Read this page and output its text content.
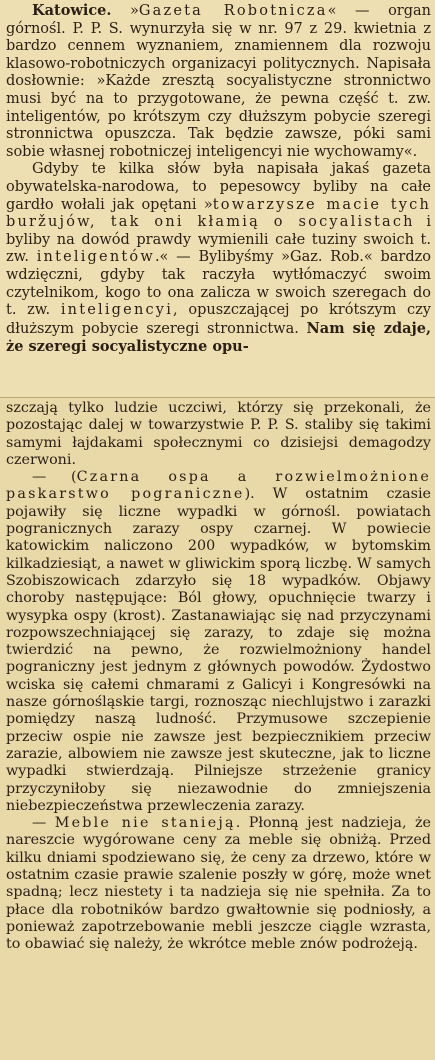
Katowice. »Gazeta Robotnicza« — organ górnośl. P. P. S. wynurzyła się w nr. 97 z 29. kwietnia z bardzo cennem wyznaniem, znamiennem dla rozwoju klasowo-robotniczych organizacyi politycznych. Napisała dosłownie: »Każde zresztą socyalistyczne stronnictwo musi być na to przygotowane, że pewna część t. zw. inteligentów, po krótszym czy dłuższym pobycie szeregi stronnictwa opuszcza. Tak będzie zawsze, póki sami sobie własnej robotniczej inteligencyi nie wychowamy«.

Gdyby te kilka słów była napisała jakaś gazeta obywatelska-narodowa, to pepesowcy byliby na całe gardło wołali jak opętani »towarzysze macie tych buržujów, tak oni kłamią o socyalistach i byliby na dowód prawdy wymienili całe tuziny swoich t. zw. inteligentów.« — Bylibyśmy »Gaz. Rob.« bardzo wdzięczni, gdyby tak raczyła wytłómaczyć swoim czytelnikom, kogo to ona zalicza w swoich szeregach do t. zw. inteligencyi, opuszczającej po krótszym czy dłuższym pobycie szeregi stronnictwa. Nam się zdaje, że szeregi socyalistyczne opu-

szczają tylko ludzie uczciwi, którzy się przekonali, że pozostając dalej w towarzystwie P. P. S. staliby się takimi samymi łajdakami społecznymi co dzisiejsi demagodzy czerwoni.

— (Czarna ospa a rozwielmożnione paskarstwo pograniczne). W ostatnim czasie pojawiły się liczne wypadki w górnośl. powiatach pogranicznych zarazy ospy czarnej. W powiecie katowickim naliczono 200 wypadków, w bytomskim kilkadziesiąt, a nawet w gliwickim sporą liczbę. W samych Szobiszowicach zdarzyło się 18 wypadków. Objawy choroby następujące: Ból głowy, opuchnięcie twarzy i wysypka ospy (krost). Zastanawiając się nad przyczynami rozpowszechniającej się zarazy, to zdaje się można twierdzić na pewno, że rozwielmożniony handel pograniczny jest jednym z głównych powodów. Żydostwo wciska się całemi chmarami z Galicyi i Kongresówki na nasze górnośląskie targi, roznosząc niechlujstwo i zarazki pomiędzy naszą ludność. Przymusowe szczepienie przeciw ospie nie zawsze jest bezpiecznikiem przeciw zarazie, albowiem nie zawsze jest skuteczne, jak to liczne wypadki stwierdzają. Pilniejsze strzeżenie granicy przyczyniłoby się niezawodnie do zmniejszenia niebezpieczeństwa przewleczenia zarazy.

— Meble nie stanieją. Płonną jest nadzieja, że nareszcie wygórowane ceny za meble się obniżą. Przed kilku dniami spodziewano się, że ceny za drzewo, które w ostatnim czasie prawie szalenie poszły w górę, może wnet spadną; lecz niestety i ta nadzieja się nie spełniła. Za to płace dla robotników bardzo gwałtownie się podniosły, a ponieważ zapotrzebowanie mebli jeszcze ciągle wzrasta, to obawiać się należy, że wkrótce meble znów podrożeją.
